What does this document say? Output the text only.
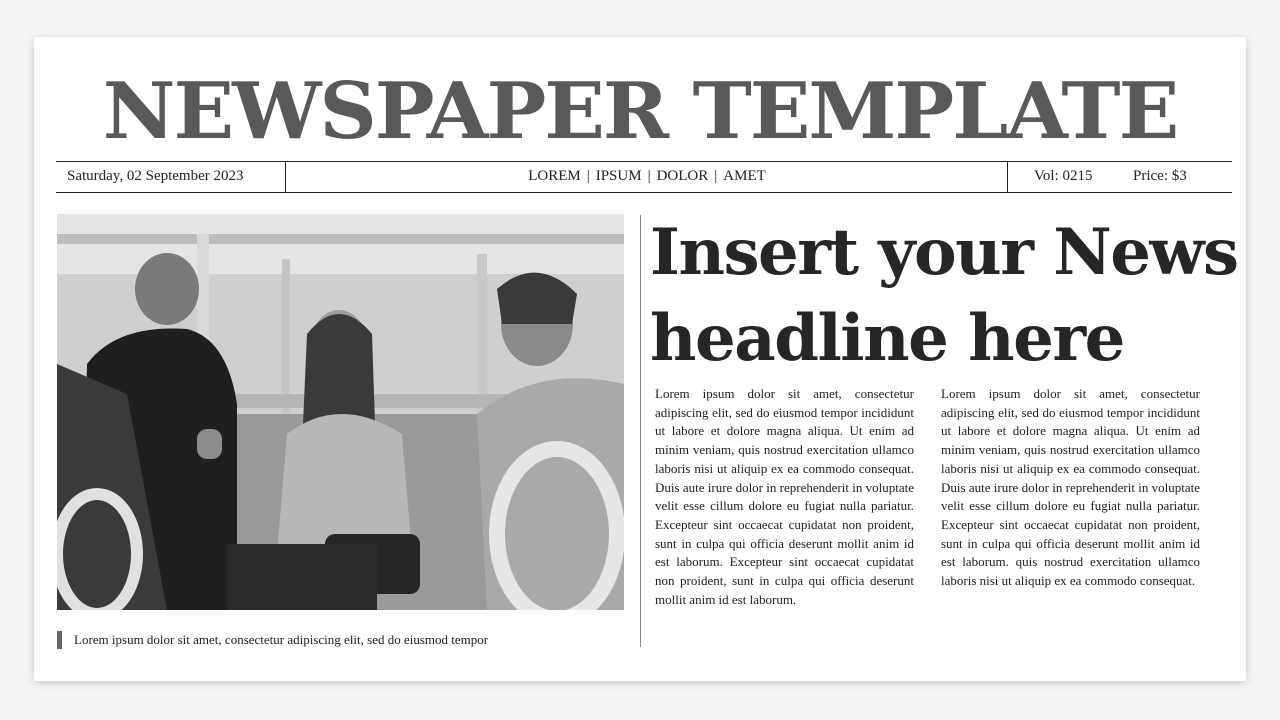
NEWSPAPER TEMPLATE
Saturday, 02 September 2023	LOREM | IPSUM | DOLOR | AMET	Vol: 0215	Price: $3
Lorem ipsum dolor sit amet, consectetur adipiscing elit, sed do eiusmod tempor
Insert your News headline here
Lorem ipsum dolor sit amet, consectetur adipiscing elit, sed do eiusmod tempor incididunt ut labore et dolore magna aliqua. Ut enim ad minim veniam, quis nostrud exercitation ullamco laboris nisi ut aliquip ex ea commodo consequat. Duis aute irure dolor in reprehenderit in voluptate velit esse cillum dolore eu fugiat nulla pariatur. Excepteur sint occaecat cupidatat non proident, sunt in culpa qui officia deserunt mollit anim id est laborum. Excepteur sint occaecat cupidatat non proident, sunt in culpa qui officia deserunt mollit anim id est laborum.
Lorem ipsum dolor sit amet, consectetur adipiscing elit, sed do eiusmod tempor incididunt ut labore et dolore magna aliqua. Ut enim ad minim veniam, quis nostrud exercitation ullamco laboris nisi ut aliquip ex ea commodo consequat. Duis aute irure dolor in reprehenderit in voluptate velit esse cillum dolore eu fugiat nulla pariatur. Excepteur sint occaecat cupidatat non proident, sunt in culpa qui officia deserunt mollit anim id est laborum. quis nostrud exercitation ullamco laboris nisi ut aliquip ex ea commodo consequat.
